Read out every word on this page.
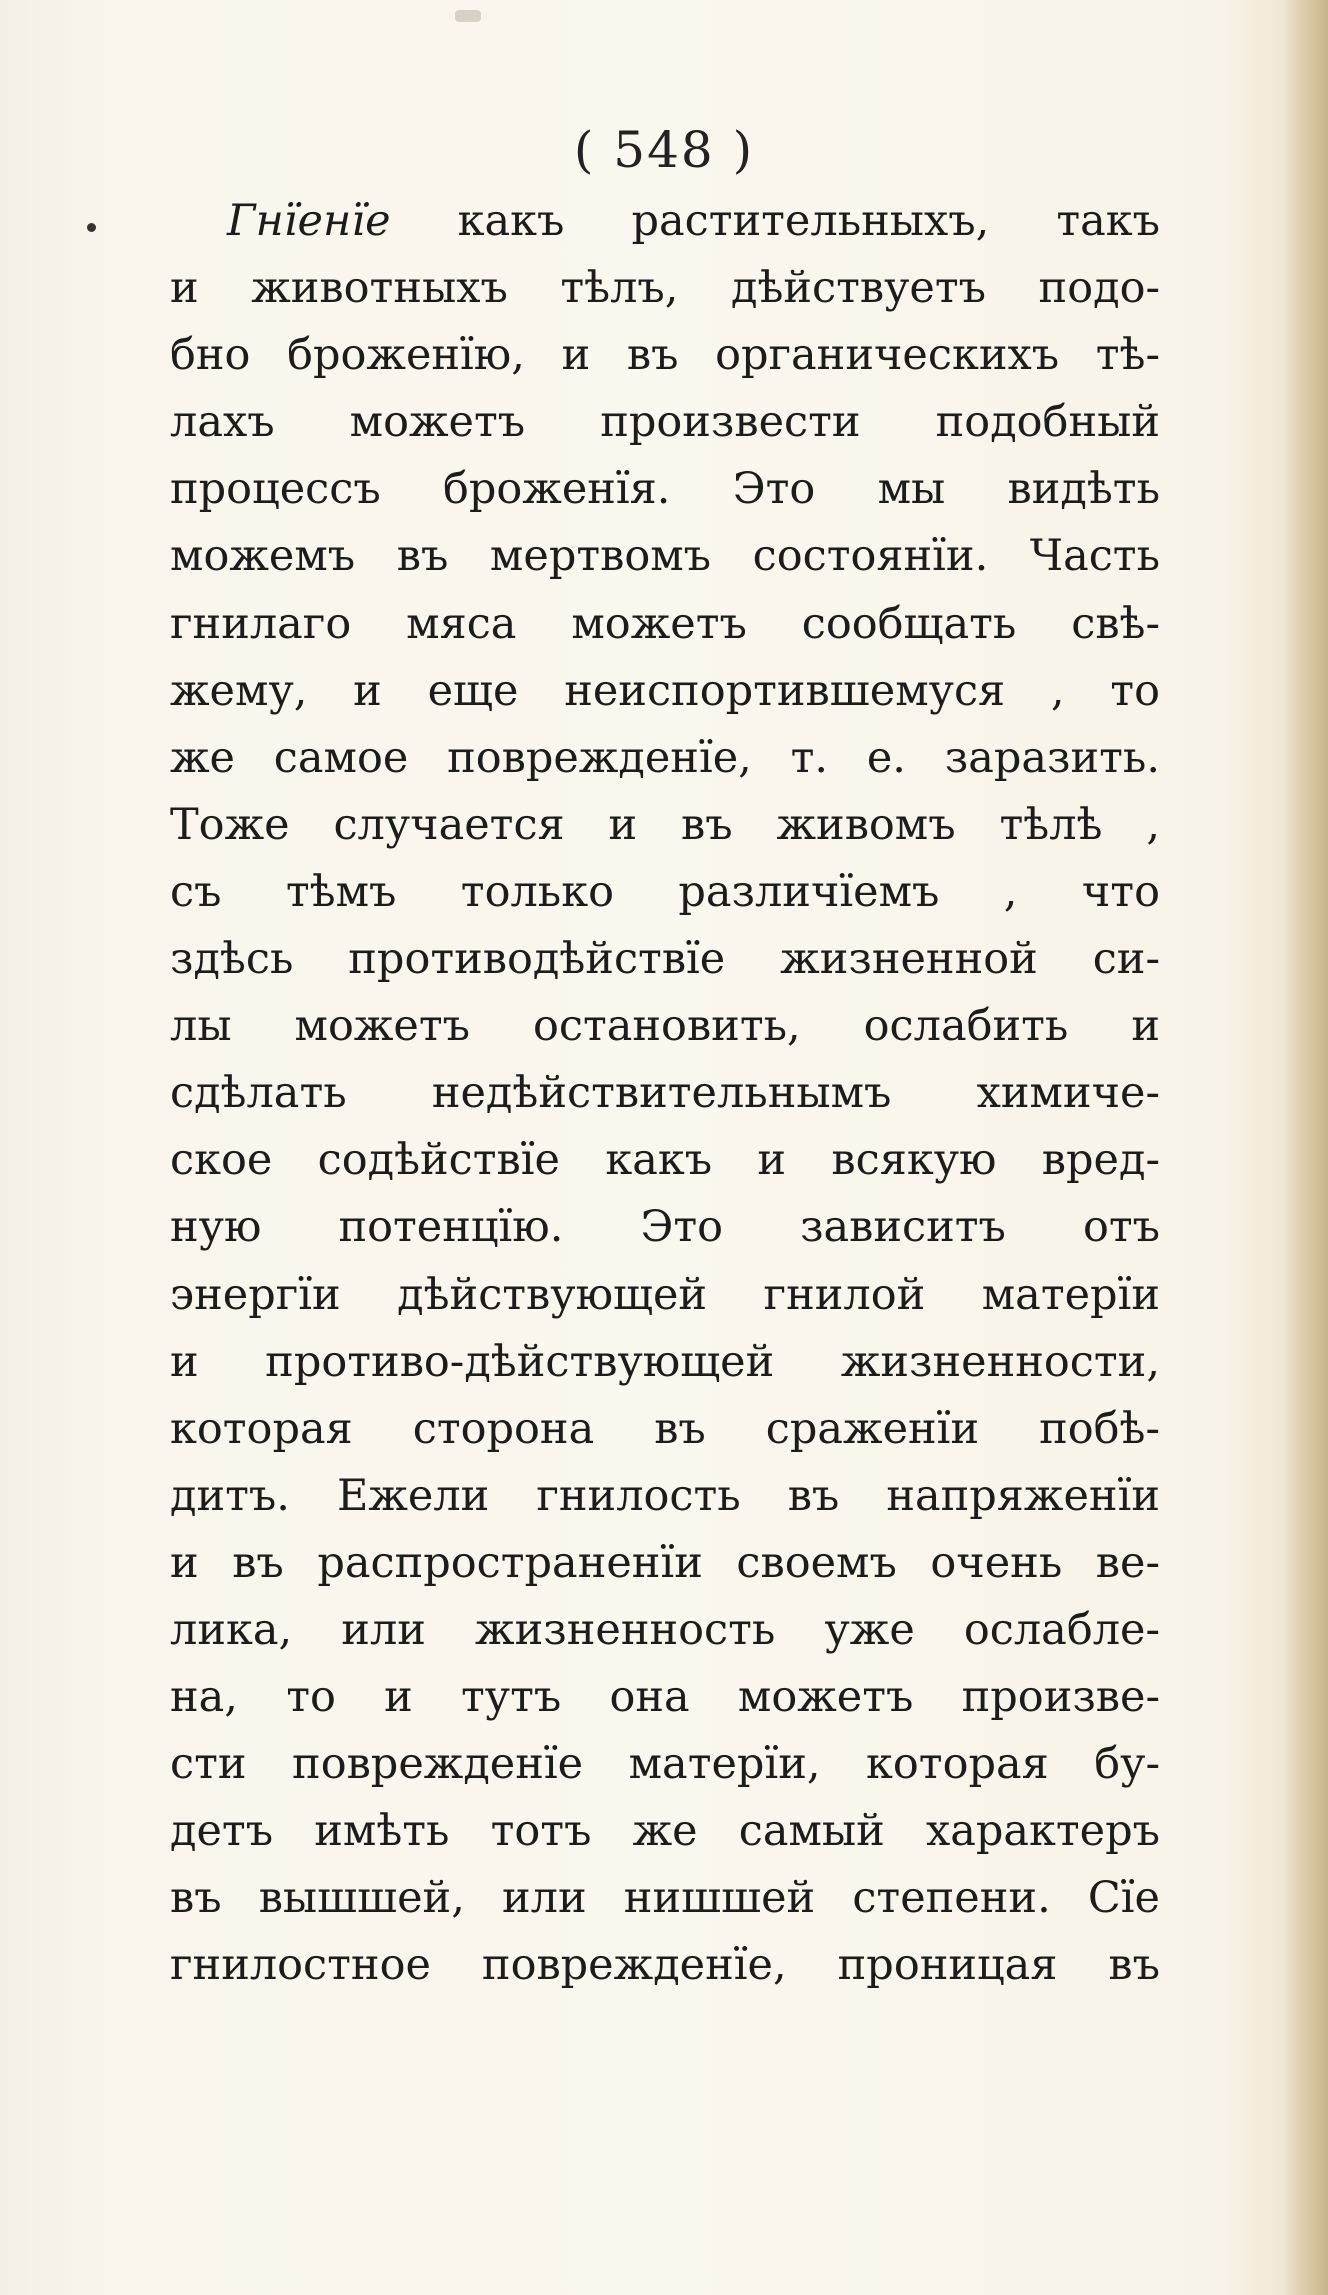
( 548 )
Гнїенїе какъ растительныхъ, такъ
и животныхъ тѣлъ, дѣйствуетъ подо-
бно броженїю, и въ органическихъ тѣ-
лахъ можетъ произвести подобный
процессъ броженїя. Это мы видѣть
можемъ въ мертвомъ состоянїи. Часть
гнилаго мяса можетъ сообщать свѣ-
жему, и еще неиспортившемуся , то
же самое поврежденїе, т. е. заразить.
Тоже случается и въ живомъ тѣлѣ ,
съ тѣмъ только различїемъ , что
здѣсь противодѣйствїе жизненной си-
лы можетъ остановить, ослабить и
сдѣлать недѣйствительнымъ химиче-
ское содѣйствїе какъ и всякую вред-
ную потенцїю. Это зависитъ отъ
энергїи дѣйствующей гнилой матерїи
и противо-дѣйствующей жизненности,
которая сторона въ сраженїи побѣ-
дитъ. Ежели гнилость въ напряженїи
и въ распространенїи своемъ очень ве-
лика, или жизненность уже ослабле-
на, то и тутъ она можетъ произве-
сти поврежденїе матерїи, которая бу-
детъ имѣть тотъ же самый характеръ
въ вышшей, или нишшей степени. Сїе
гнилостное поврежденїе, проницая въ
